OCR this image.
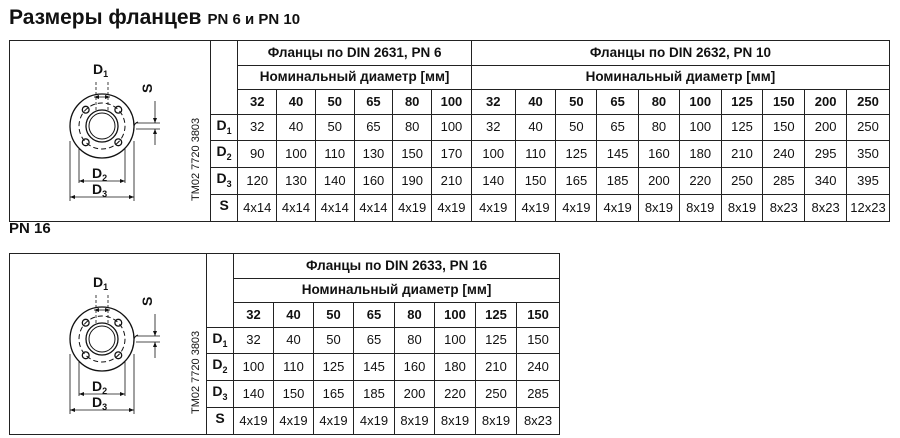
Размеры фланцев PN 6 и PN 10
PN 16
$D_1$
$D_2$
$D_3$
S
TM02 7720 3803		Фланцы по DIN 2631, PN 6						Фланцы по DIN 2632, PN 10									
		Номинальный диаметр [мм]						Номинальный диаметр [мм]									
		32	40	50	65	80	100	32	40	50	65	80	100	125	150	200	250
	$D_1$	32	40	50	65	80	100	32	40	50	65	80	100	125	150	200	250
	$D_2$	90	100	110	130	150	170	100	110	125	145	160	180	210	240	295	350
	$D_3$	120	130	140	160	190	210	140	150	165	185	200	220	250	285	340	395
	S	4x14	4x14	4x14	4x14	4x19	4x19	4x19	4x19	4x19	4x19	8x19	8x19	8x19	8x23	8x23	12x23
$D_1$
$D_2$
$D_3$
S
TM02 7720 3803		Фланцы по DIN 2633, PN 16							
		Номинальный диаметр [мм]							
		32	40	50	65	80	100	125	150
	$D_1$	32	40	50	65	80	100	125	150
	$D_2$	100	110	125	145	160	180	210	240
	$D_3$	140	150	165	185	200	220	250	285
	S	4x19	4x19	4x19	4x19	8x19	8x19	8x19	8x23
